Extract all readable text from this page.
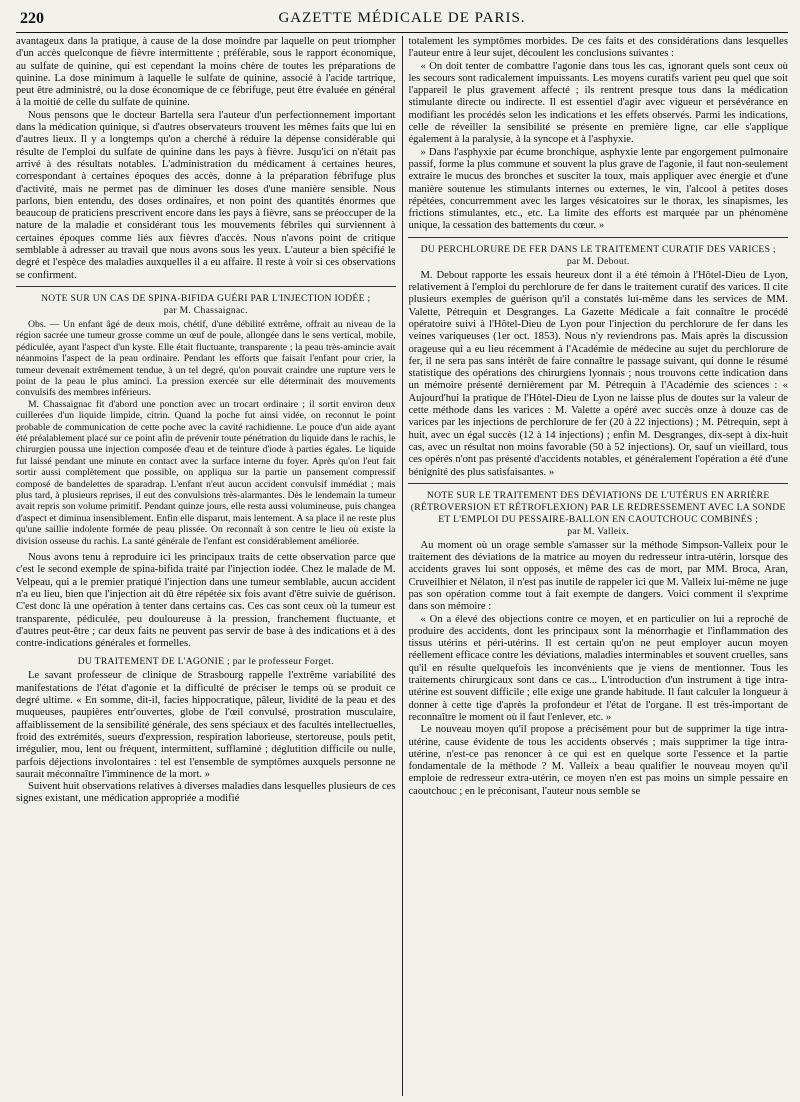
220	GAZETTE MÉDICALE DE PARIS.

avantageux dans la pratique, à cause de la dose moindre par laquelle on peut triompher d'un accès quelconque de fièvre intermittente ; préférable, sous le rapport économique, au sulfate de quinine, qui est cependant la moins chère de toutes les préparations de quinine. La dose minimum à laquelle le sulfate de quinine, associé à l'acide tartrique, peut être administré, ou la dose économique de ce fébrifuge, peut être évaluée en général à la moitié de celle du sulfate de quinine.

Nous pensons que le docteur Bartella sera l'auteur d'un perfectionnement important dans la médication quinique, si d'autres observateurs trouvent les mêmes faits que lui en d'autres lieux. Il y a longtemps qu'on a cherché à réduire la dépense considérable qui résulte de l'emploi du sulfate de quinine dans les pays à fièvre. Jusqu'ici on n'était pas arrivé à des résultats notables. L'administration du médicament à certaines heures, correspondant à certaines époques des accès, donne à la préparation fébrifuge plus d'activité, mais ne permet pas de diminuer les doses d'une manière sensible. Nous parlons, bien entendu, des doses ordinaires, et non point des quantités énormes que beaucoup de praticiens prescrivent encore dans les pays à fièvre, sans se préoccuper de la nature de la maladie et considérant tous les mouvements fébriles qui surviennent à certaines époques comme liés aux fièvres d'accès. Nous n'avons point de critique semblable à adresser au travail que nous avons sous les yeux. L'auteur a bien spécifié le degré et l'espèce des maladies auxquelles il a eu affaire. Il reste à voir si ces observations se confirment.

NOTE SUR UN CAS DE SPINA-BIFIDA GUÉRI PAR L'INJECTION IODÉE ;
par M. Chassaignac.

Obs. — Un enfant âgé de deux mois, chétif, d'une débilité extrême, offrait au niveau de la région sacrée une tumeur grosse comme un œuf de poule, allongée dans le sens vertical, mobile, pédiculée, ayant l'aspect d'un kyste. Elle était fluctuante, transparente ; la peau très-amincie avait néanmoins l'aspect de la peau ordinaire. Pendant les efforts que faisait l'enfant pour crier, la tumeur devenait extrêmement tendue, à un tel degré, qu'on pouvait craindre une rupture vers le point de la peau le plus aminci. La pression exercée sur elle déterminait des mouvements convulsifs des membres inférieurs.

M. Chassaignac fit d'abord une ponction avec un trocart ordinaire ; il sortit environ deux cuillerées d'un liquide limpide, citrin. Quand la poche fut ainsi vidée, on reconnut le point probable de communication de cette poche avec la cavité rachidienne. Le pouce d'un aide ayant été préalablement placé sur ce point afin de prévenir toute pénétration du liquide dans le rachis, le chirurgien poussa une injection composée d'eau et de teinture d'iode à parties égales. Le liquide fut laissé pendant une minute en contact avec la surface interne du foyer. Après qu'on l'eut fait sortir aussi complètement que possible, on appliqua sur la partie un pansement compressif composé de bandelettes de sparadrap. L'enfant n'eut aucun accident convulsif immédiat ; mais plus tard, à plusieurs reprises, il eut des convulsions très-alarmantes. Dès le lendemain la tumeur avait repris son volume primitif. Pendant quinze jours, elle resta aussi volumineuse, puis changea d'aspect et diminua insensiblement. Enfin elle disparut, mais lentement. A sa place il ne reste plus qu'une saillie indolente formée de peau plissée. On reconnaît à son centre le lieu où existe la division osseuse du rachis. La santé générale de l'enfant est considérablement améliorée.

Nous avons tenu à reproduire ici les principaux traits de cette observation parce que c'est le second exemple de spina-bifida traité par l'injection iodée. Chez le malade de M. Velpeau, qui a le premier pratiqué l'injection dans une tumeur semblable, aucun accident n'a eu lieu, bien que l'injection ait dû être répétée six fois avant d'être suivie de guérison. C'est donc là une opération à tenter dans certains cas. Ces cas sont ceux où la tumeur est transparente, pédiculée, peu douloureuse à la pression, franchement fluctuante, et d'autres peut-être ; car deux faits ne peuvent pas servir de base à des indications et à des contre-indications générales et formelles.

DU TRAITEMENT DE L'AGONIE ; par le professeur Forget.

Le savant professeur de clinique de Strasbourg rappelle l'extrême variabilité des manifestations de l'état d'agonie et la difficulté de préciser le temps où se produit ce degré ultime. « En somme, dit-il, facies hippocratique, pâleur, lividité de la peau et des muqueuses, paupières entr'ouvertes, globe de l'œil convulsé, prostration musculaire, affaiblissement de la sensibilité générale, des sens spéciaux et des facultés intellectuelles, froid des extrémités, sueurs d'expression, respiration laborieuse, stertoreuse, pouls petit, irrégulier, mou, lent ou fréquent, intermittent, sufflaminé ; déglutition difficile ou nulle, parfois déjections involontaires : tel est l'ensemble de symptômes auxquels personne ne saurait méconnaître l'imminence de la mort. »

Suivent huit observations relatives à diverses maladies dans lesquelles plusieurs de ces signes existant, une médication appropriée a modifié

totalement les symptômes morbides. De ces faits et des considérations dans lesquelles l'auteur entre à leur sujet, découlent les conclusions suivantes :

« On doit tenter de combattre l'agonie dans tous les cas, ignorant quels sont ceux où les secours sont radicalement impuissants. Les moyens curatifs varient peu quel que soit l'appareil le plus gravement affecté ; ils rentrent presque tous dans la médication stimulante directe ou indirecte. Il est essentiel d'agir avec vigueur et persévérance en modifiant les procédés selon les indications et les effets observés. Parmi les indications, celle de réveiller la sensibilité se présente en première ligne, car elle s'applique également à la paralysie, à la syncope et à l'asphyxie.

» Dans l'asphyxie par écume bronchique, asphyxie lente par engorgement pulmonaire passif, forme la plus commune et souvent la plus grave de l'agonie, il faut non-seulement extraire le mucus des bronches et susciter la toux, mais appliquer avec énergie et d'une manière soutenue les stimulants internes ou externes, le vin, l'alcool à petites doses répétées, concurremment avec les larges vésicatoires sur le thorax, les sinapismes, les frictions stimulantes, etc., etc. La limite des efforts est marquée par un phénomène unique, la cessation des battements du cœur. »

DU PERCHLORURE DE FER DANS LE TRAITEMENT CURATIF DES VARICES ;
par M. Debout.

M. Debout rapporte les essais heureux dont il a été témoin à l'Hôtel-Dieu de Lyon, relativement à l'emploi du perchlorure de fer dans le traitement curatif des varices. Il cite plusieurs exemples de guérison qu'il a constatés lui-même dans les services de MM. Valette, Pétrequin et Desgranges. La Gazette Médicale a fait connaître le procédé opératoire suivi à l'Hôtel-Dieu de Lyon pour l'injection du perchlorure de fer dans les veines variqueuses (1er oct. 1853). Nous n'y reviendrons pas. Mais après la discussion orageuse qui a eu lieu récemment à l'Académie de médecine au sujet du perchlorure de fer, il ne sera pas sans intérêt de faire connaître le passage suivant, qui donne le résumé statistique des opérations des chirurgiens lyonnais ; nous trouvons cette indication dans un mémoire présenté dernièrement par M. Pétrequin à l'Académie des sciences : « Aujourd'hui la pratique de l'Hôtel-Dieu de Lyon ne laisse plus de doutes sur la valeur de cette méthode dans les varices : M. Valette a opéré avec succès onze à douze cas de varices par les injections de perchlorure de fer (20 à 22 injections) ; M. Pétrequin, sept à huit, avec un égal succès (12 à 14 injections) ; enfin M. Desgranges, dix-sept à dix-huit cas, avec un résultat non moins favorable (50 à 52 injections). Or, sauf un vieillard, tous ces opérés n'ont pas présenté d'accidents notables, et généralement l'opération a été d'une bénignité des plus satisfaisantes. »

NOTE SUR LE TRAITEMENT DES DÉVIATIONS DE L'UTÉRUS EN ARRIÈRE (RÉTROVERSION ET RÉTROFLEXION) PAR LE REDRESSEMENT AVEC LA SONDE ET L'EMPLOI DU PESSAIRE-BALLON EN CAOUTCHOUC COMBINÉS ;
par M. Valleix.

Au moment où un orage semble s'amasser sur la méthode Simpson-Valleix pour le traitement des déviations de la matrice au moyen du redresseur intra-utérin, lorsque des accidents graves lui sont opposés, et même des cas de mort, par MM. Broca, Aran, Cruveilhier et Nélaton, il n'est pas inutile de rappeler ici que M. Valleix lui-même ne juge pas son opération comme tout à fait exempte de dangers. Voici comment il s'exprime dans son mémoire :

« On a élevé des objections contre ce moyen, et en particulier on lui a reproché de produire des accidents, dont les principaux sont la ménorrhagie et l'inflammation des tissus utérins et péri-utérins. Il est certain qu'on ne peut employer aucun moyen réellement efficace contre les déviations, maladies interminables et souvent cruelles, sans qu'il en résulte quelquefois les inconvénients que je viens de mentionner. Tous les traitements chirurgicaux sont dans ce cas... L'introduction d'un instrument à tige intra-utérine est souvent difficile ; elle exige une grande habitude. Il faut calculer la longueur à donner à cette tige d'après la profondeur et l'état de l'organe. Il est très-important de reconnaître le moment où il faut l'enlever, etc. »

Le nouveau moyen qu'il propose a précisément pour but de supprimer la tige intra-utérine, cause évidente de tous les accidents observés ; mais supprimer la tige intra-utérine, n'est-ce pas renoncer à ce qui est en quelque sorte l'essence et la partie fondamentale de la méthode ? M. Valleix a beau qualifier le nouveau moyen qu'il emploie de redresseur extra-utérin, ce moyen n'en est pas moins un simple pessaire en caoutchouc ; en le préconisant, l'auteur nous semble se
